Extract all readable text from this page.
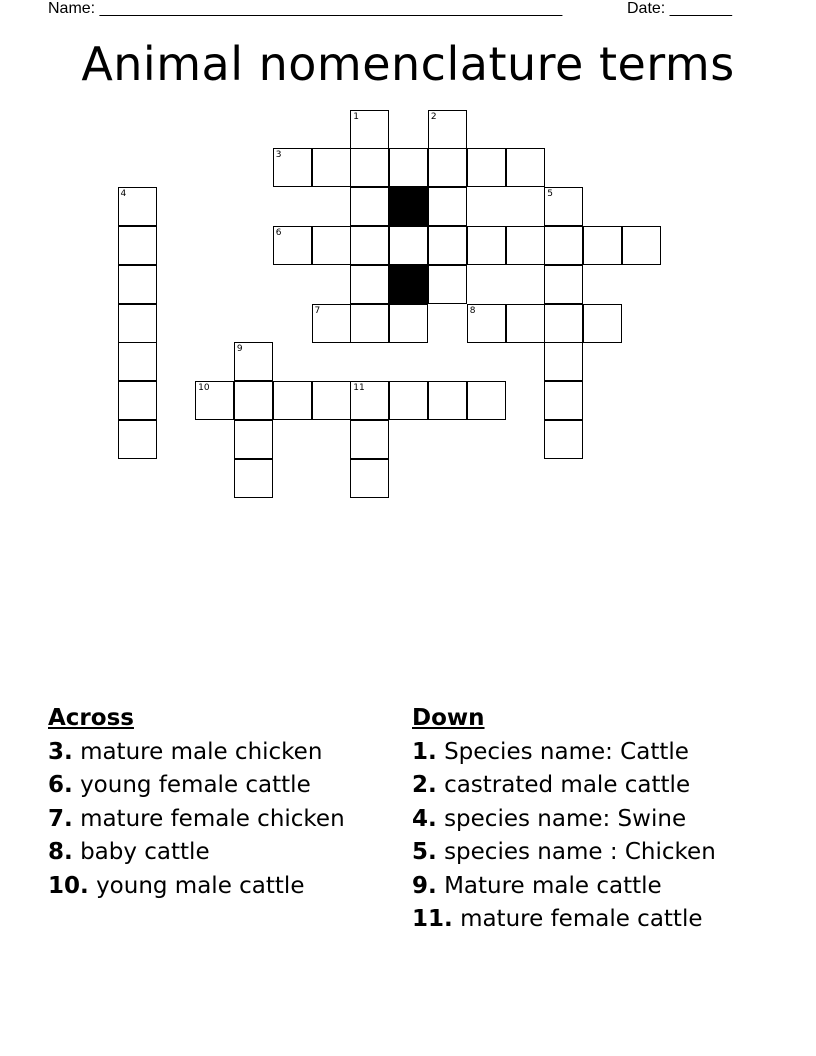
Name: ____________________________________________________	Date: _______
Animal nomenclature terms
1	2
3
4	5
6
7	8
9
10	11
Across
3. mature male chicken
6. young female cattle
7. mature female chicken
8. baby cattle
10. young male cattle
Down
1. Species name: Cattle
2. castrated male cattle
4. species name: Swine
5. species name : Chicken
9. Mature male cattle
11. mature female cattle
